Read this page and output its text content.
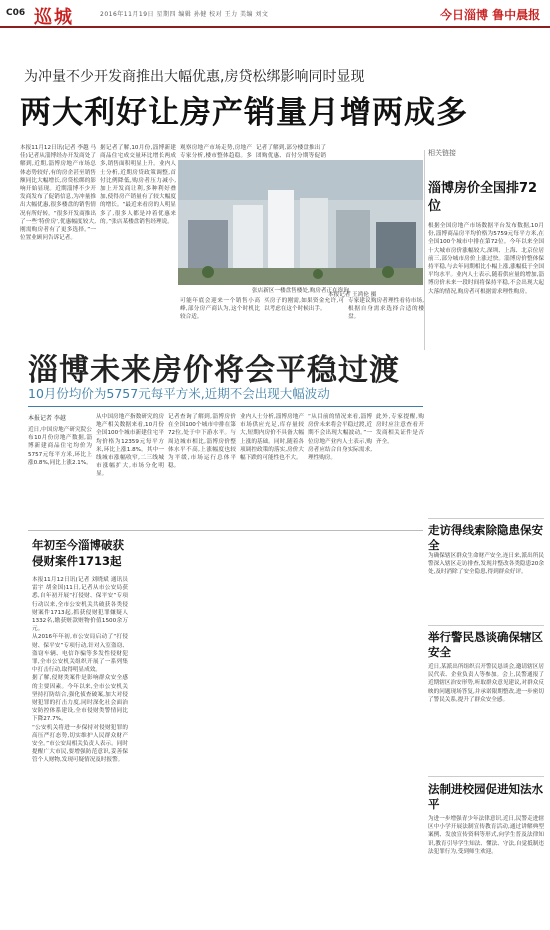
C06 巡城	2016年11月19日 星期四 编辑 孙健 校对 王力 美编 刘文	今日淄博 鲁中晨报
为冲量不少开发商推出大幅优惠,房贷松绑影响同时显现
两大利好让房产销量月增两成多
本报11月12日讯(记者 李越 马佳)记者从淄博经办开发商处了解到,近期,淄博房地产市场总体态势较好,有的房企甚至销售额同比大幅增长,房贷松绑的影响开始显现。近期淄博不少开发商发布了促销信息,为冲量推出大幅优惠,很多楼盘的销售情况有所好转。“很多开发商推出了一些‘特价房’,优惠幅度较大,刚需购房者有了更多选择。”一位置业顾问告诉记者。
据记者了解,10月份,淄博新建商品住宅成交量环比增长两成多,销售面积明显上升。业内人士分析,近期房贷政策调整,首付比例降低,购房者压力减小,加上开发商让利,多种利好叠加,使得房产销量有了较大幅度的增长。“最近来看房的人明显多了,很多人都是冲着优惠来的。”张店某楼盘销售经理说。
观察房地产市场走势,房地产专家分析,楼市整体趋稳。多
记者了解到,部分楼盘推出了团购优惠、首付分期等促销
张店新区一楼盘售楼处,购房者正在咨询。
本报记者 王鸿伦 摄
可能年底会迎来一个销售小高峰,部分房产商认为,这个时机比较合适。
买房子的刚需,如果资金允许,可以考虑在这个时候出手。
专家建议购房者理性看待市场,根据自身需求选择合适的楼盘。
相关链接
淄博房价全国排72位
根据全国房地产市场数据平台发布数据,10月份,淄博商品房平均价格为5759元每平方米,在全国100个城市中排在第72位。今年以来全国十大城市房价涨幅较大,深圳、上海、北京位居前三,部分城市房价上涨过快。淄博房价整体保持平稳,与去年同期相比小幅上涨,涨幅低于全国平均水平。业内人士表示,随着供应量的增加,淄博房价未来一段时间将保持平稳,不会出现大起大落的情况,购房者可根据需求理性购房。
淄博未来房价将会平稳过渡
10月份均价为5757元每平方米,近期不会出现大幅波动
本报记者 李越
近日,中国房地产研究院公布10月份房地产数据,淄博新建商品住宅均价为5757元每平方米,环比上涨0.8%,同比上涨2.1%。
从中国房地产指数研究的房地产相关数据来看,10月份全国100个城市新建住宅平均价格为12359元每平方米,环比上涨1.8%。其中一线城市涨幅收窄,二三线城市涨幅扩大,市场分化明显。
记者查询了解到,淄博房价在全国100个城市中排在第72位,处于中下游水平。与周边城市相比,淄博房价整体水平不高,上涨幅度也较为平缓,市场运行总体平稳。
业内人士分析,淄博房地产市场供应充足,库存量较大,短期内房价不具备大幅上涨的基础。同时,随着各项调控政策的落实,房价大幅下跌的可能性也不大。
“从目前的情况来看,淄博房价未来将会平稳过渡,近期不会出现大幅波动。”一位房地产业内人士表示,购房者应结合自身实际需求,理性购房。
此外,专家提醒,购房时应注意查看开发商相关证件是否齐全。
年初至今淄博破获侵财案件1713起
本报11月12日讯(记者 刘晓斌 通讯员 雷宇 胡金国)11日,记者从市公安局获悉,自年初开展“打侵财、保平安”专项行动以来,全市公安机关共破获各类侵财案件1713起,抓获侵财犯罪嫌疑人1332名,缴获赃款赃物价值1500余万元。
从2016年年初,市公安局启动了“打侵财、保平安”专项行动,针对入室盗窃、盗窃车辆、电信诈骗等多发性侵财犯罪,全市公安机关组织开展了一系列集中打击行动,取得明显成效。
据了解,侵财类案件是影响群众安全感的主要因素。今年以来,全市公安机关坚持打防结合,强化侦查破案,加大对侵财犯罪的打击力度,同时深化社会面治安防控体系建设,全市侵财类警情同比下降27.7%。
“公安机关将进一步保持对侵财犯罪的高压严打态势,切实维护人民群众财产安全。”市公安局相关负责人表示。同时提醒广大市民,要增强防范意识,妥善保管个人财物,发现可疑情况及时报警。
走访得线索除隐患保安全
为确保辖区群众生命财产安全,连日来,派出所民警深入辖区走访排查,发现并整改各类隐患20余处,及时消除了安全隐患,得到群众好评。
举行警民恳谈确保辖区安全
近日,某派出所组织召开警民恳谈会,邀请辖区居民代表、企业负责人等参加。会上,民警通报了近期辖区治安形势,听取群众意见建议,对群众反映的问题现场答复,并承诺限期整改,进一步密切了警民关系,提升了群众安全感。
法制进校园促进知法水平
为进一步增强青少年法律意识,近日,民警走进辖区中小学开展法制宣传教育活动,通过讲解典型案例、发放宣传资料等形式,向学生普及法律知识,教育引导学生知法、懂法、守法,自觉抵制违法犯罪行为,受到师生欢迎。
